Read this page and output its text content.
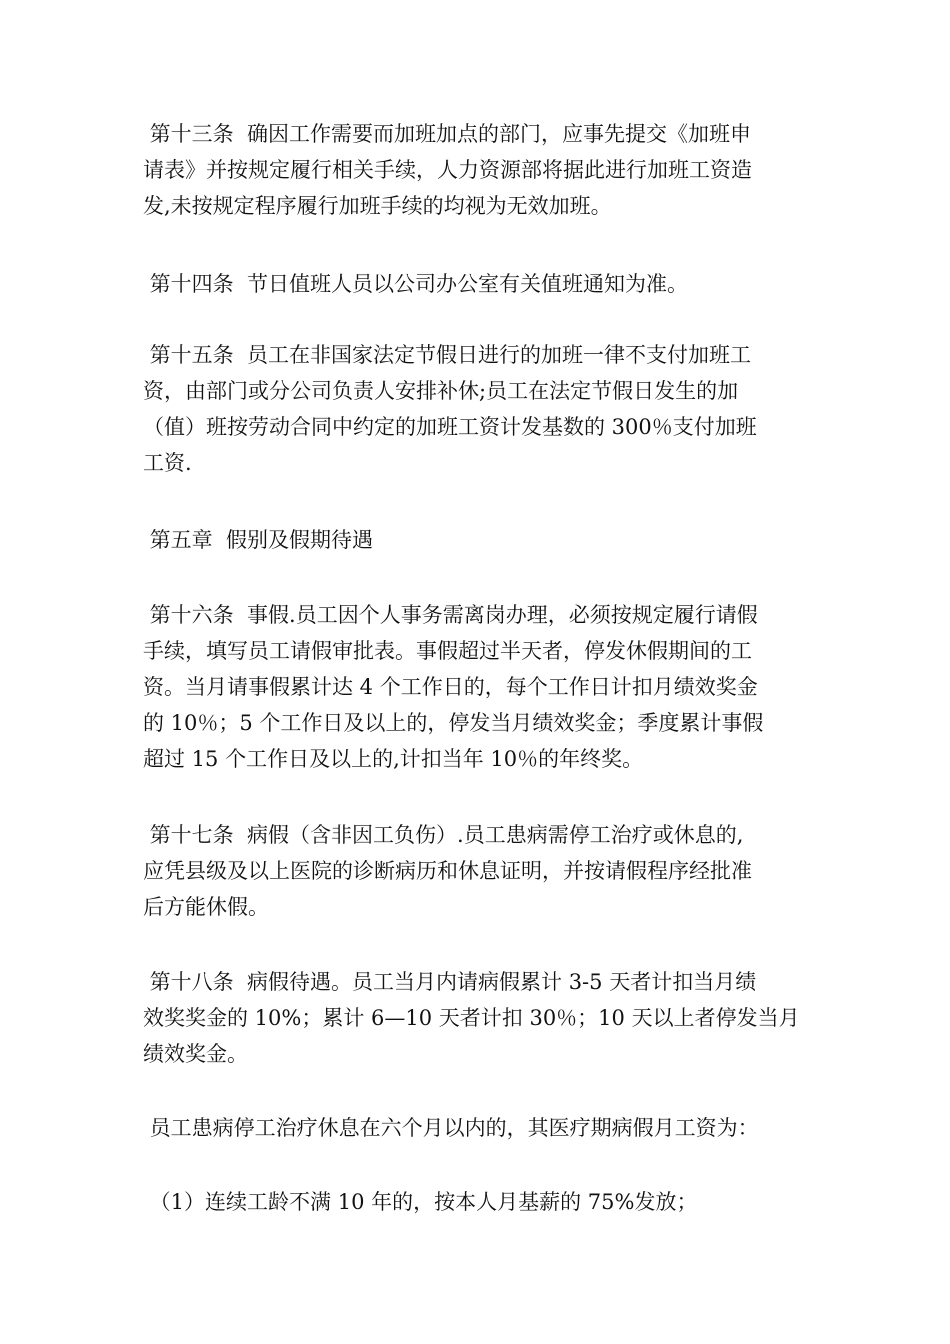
第十三条  确因工作需要而加班加点的部门，应事先提交《加班申
请表》并按规定履行相关手续，人力资源部将据此进行加班工资造
发,未按规定程序履行加班手续的均视为无效加班。
第十四条  节日值班人员以公司办公室有关值班通知为准。
第十五条  员工在非国家法定节假日进行的加班一律不支付加班工
资，由部门或分公司负责人安排补休;员工在法定节假日发生的加
（值）班按劳动合同中约定的加班工资计发基数的 300％支付加班
工资.
第五章  假别及假期待遇
第十六条  事假.员工因个人事务需离岗办理，必须按规定履行请假
手续，填写员工请假审批表。事假超过半天者，停发休假期间的工
资。当月请事假累计达 4 个工作日的，每个工作日计扣月绩效奖金
的 10％；5 个工作日及以上的，停发当月绩效奖金；季度累计事假
超过 15 个工作日及以上的,计扣当年 10％的年终奖。
第十七条  病假（含非因工负伤）.员工患病需停工治疗或休息的,
应凭县级及以上医院的诊断病历和休息证明，并按请假程序经批准
后方能休假。
第十八条  病假待遇。员工当月内请病假累计 3-5 天者计扣当月绩
效奖奖金的 10%；累计 6—10 天者计扣 30％；10 天以上者停发当月
绩效奖金。
员工患病停工治疗休息在六个月以内的，其医疗期病假月工资为：
（1）连续工龄不满 10 年的，按本人月基薪的 75%发放；
